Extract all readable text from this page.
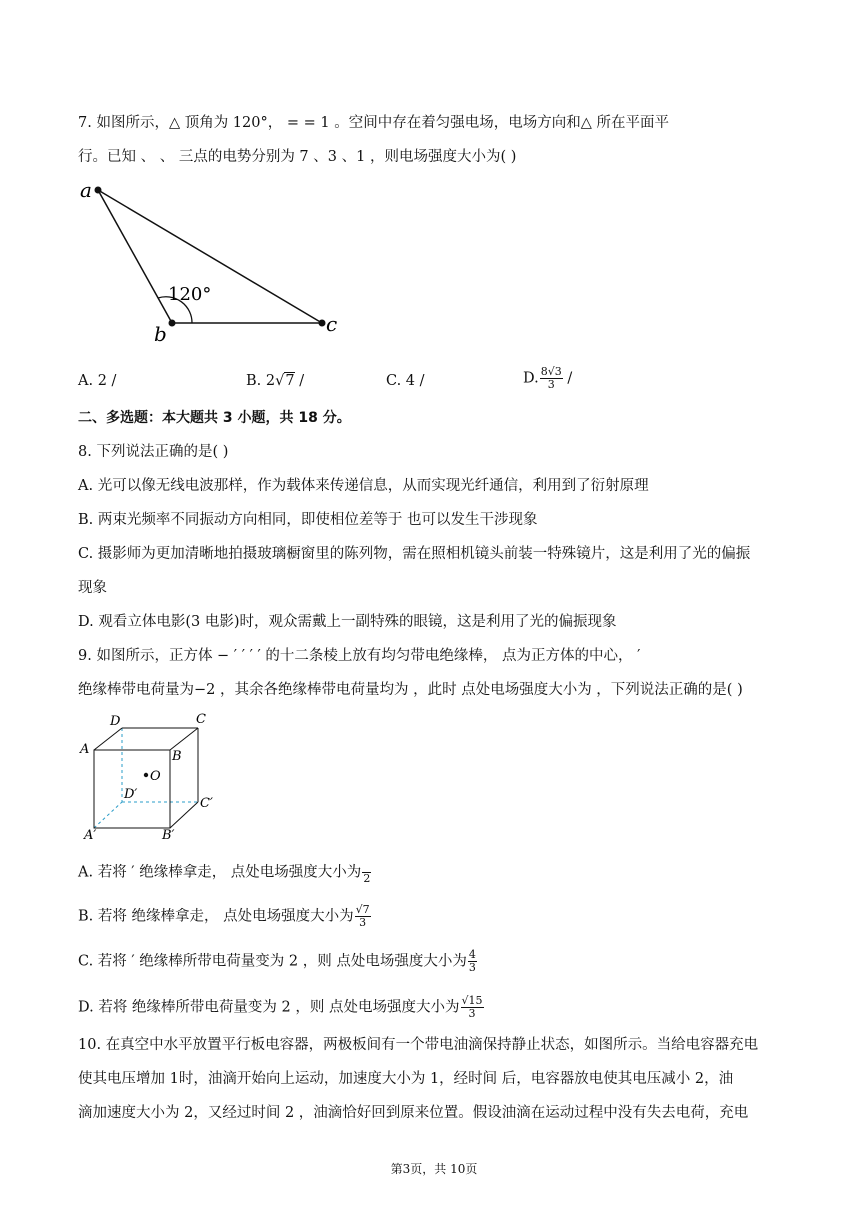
7. 如图所示，△ 顶角为 120°， = = 1 。空间中存在着匀强电场，电场方向和△ 所在平面平
行。已知 、 、 三点的电势分别为 7 、3 、1 ，则电场强度大小为( )
a
b	c
120°
A. 2 /	B. 2√7 /	C. 4 /	D. $\frac{8√3}{3}$ /
二、多选题：本大题共 3 小题，共 18 分。
8. 下列说法正确的是( )
A. 光可以像无线电波那样，作为载体来传递信息，从而实现光纤通信，利用到了衍射原理
B. 两束光频率不同振动方向相同，即使相位差等于 也可以发生干涉现象
C. 摄影师为更加清晰地拍摄玻璃橱窗里的陈列物，需在照相机镜头前装一特殊镜片，这是利用了光的偏振
现象
D. 观看立体电影(3 电影)时，观众需戴上一副特殊的眼镜，这是利用了光的偏振现象
9. 如图所示，正方体 − ′ ′ ′ ′ 的十二条棱上放有均匀带电绝缘棒， 点为正方体的中心， ′
绝缘棒带电荷量为−2 ，其余各绝缘棒带电荷量均为 ，此时 点处电场强度大小为 ，下列说法正确的是( )
D	C
A	B
O
D′
C′
A′	B′
A. 若将 ′ 绝缘棒拿走， 点处电场强度大小为
2
B. 若将 绝缘棒拿走， 点处电场强度大小为 $\frac{√7}{3}$
C. 若将 ′ 绝缘棒所带电荷量变为 2 ，则 点处电场强度大小为 $\frac{4}{3}$
D. 若将 绝缘棒所带电荷量变为 2 ，则 点处电场强度大小为 $\frac{√15}{3}$
10. 在真空中水平放置平行板电容器，两极板间有一个带电油滴保持静止状态，如图所示。当给电容器充电
使其电压增加 1时，油滴开始向上运动，加速度大小为 1，经时间 后，电容器放电使其电压减小 2，油
滴加速度大小为 2，又经过时间 2 ，油滴恰好回到原来位置。假设油滴在运动过程中没有失去电荷，充电
第3页，共 10页
